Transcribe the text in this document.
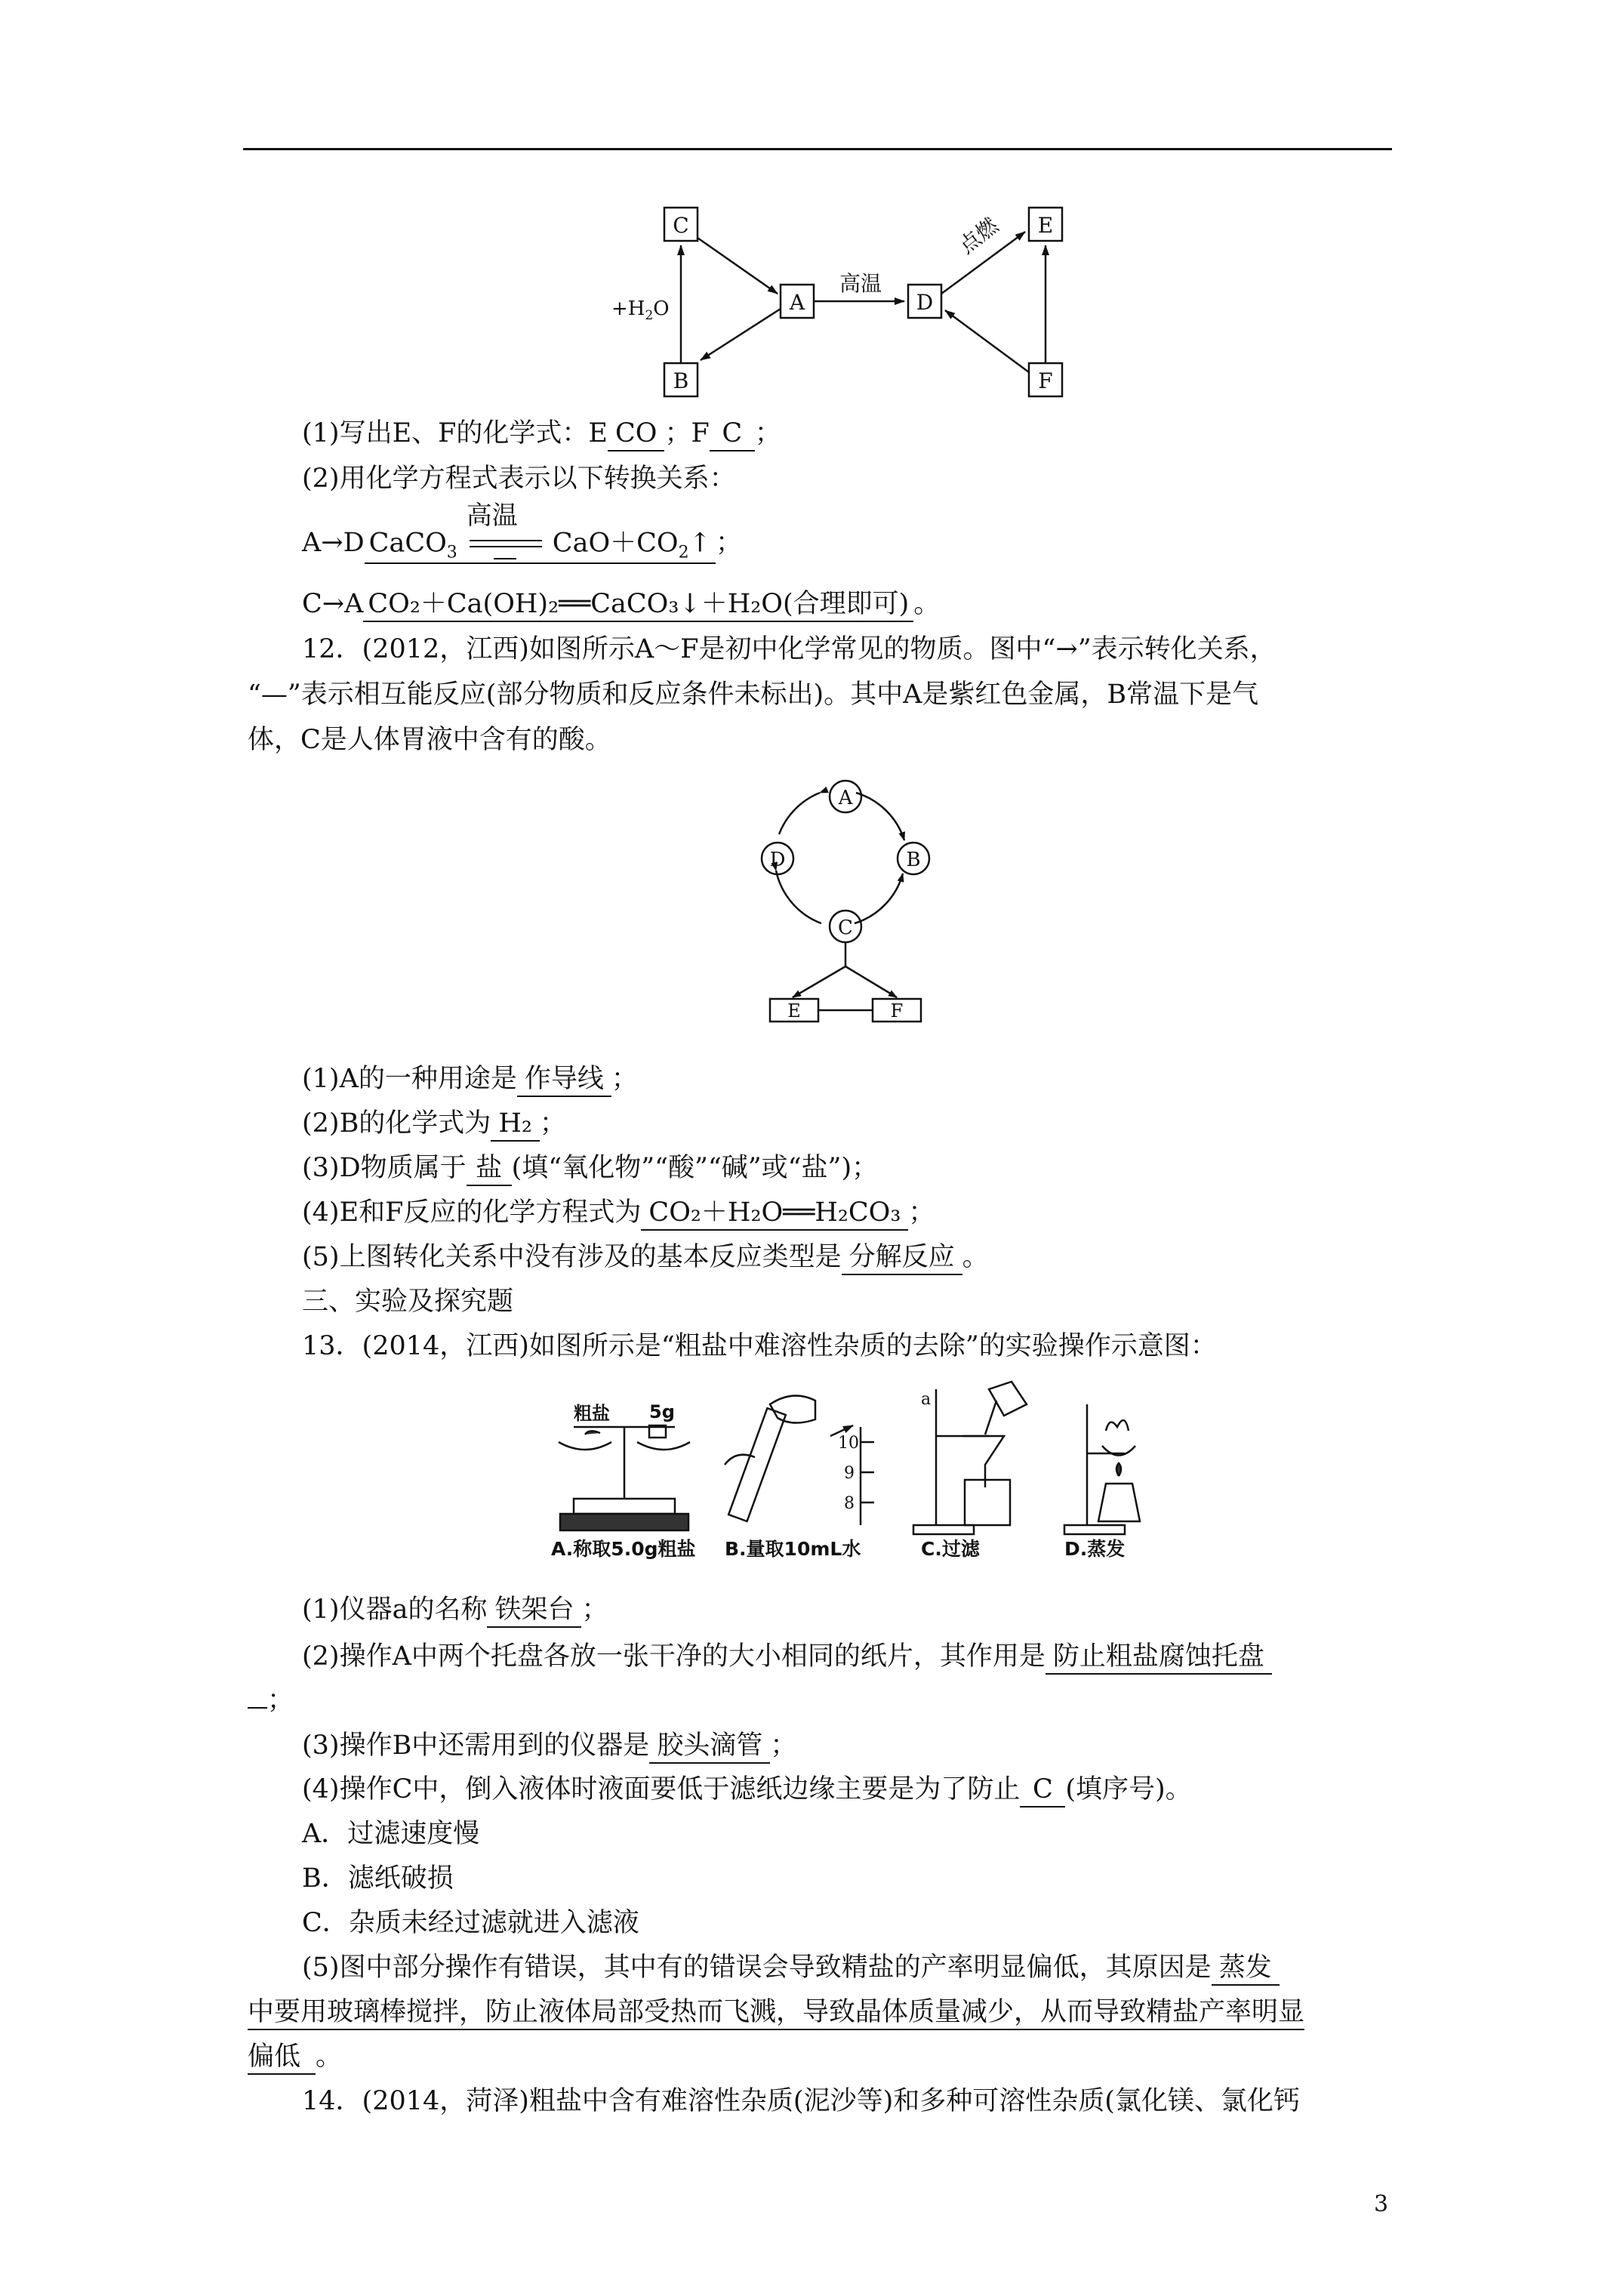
C
B
A	D
E
F
$+H_2O$
高温
点燃
(1)写出E、F的化学式：E CO ；F C ；
(2)用化学方程式表示以下转换关系：
A→D CaCO$_3$
高温
$CaO+CO_2↑$ ；
C→A CO₂＋Ca(OH)₂══CaCO₃↓＋H₂O(合理即可) 。
12．(2012，江西)如图所示A～F是初中化学常见的物质。图中“→”表示转化关系，
“—”表示相互能反应(部分物质和反应条件未标出)。其中A是紫红色金属，B常温下是气
体，C是人体胃液中含有的酸。
A
D	B
C
E	F
(1)A的一种用途是 作导线 ；
(2)B的化学式为 H₂ ；
(3)D物质属于 盐 (填“氧化物”“酸”“碱”或“盐”)；
(4)E和F反应的化学方程式为 CO₂＋H₂O══H₂CO₃ ；
(5)上图转化关系中没有涉及的基本反应类型是 分解反应 。
三、实验及探究题
13．(2014，江西)如图所示是“粗盐中难溶性杂质的去除”的实验操作示意图：
粗盐 5g
a
10
9
8
A.称取5.0g粗盐 B.量取10mL水	C.过滤	D.蒸发
(1)仪器a的名称 铁架台 ；
(2)操作A中两个托盘各放一张干净的大小相同的纸片，其作用是 防止粗盐腐蚀托盘
；
(3)操作B中还需用到的仪器是 胶头滴管 ；
(4)操作C中，倒入液体时液面要低于滤纸边缘主要是为了防止 C (填序号)。
A．过滤速度慢
B．滤纸破损
C．杂质未经过滤就进入滤液
(5)图中部分操作有错误，其中有的错误会导致精盐的产率明显偏低，其原因是 蒸发
中要用玻璃棒搅拌，防止液体局部受热而飞溅，导致晶体质量减少，从而导致精盐产率明显
偏低 。
14．(2014，菏泽)粗盐中含有难溶性杂质(泥沙等)和多种可溶性杂质(氯化镁、氯化钙
3
